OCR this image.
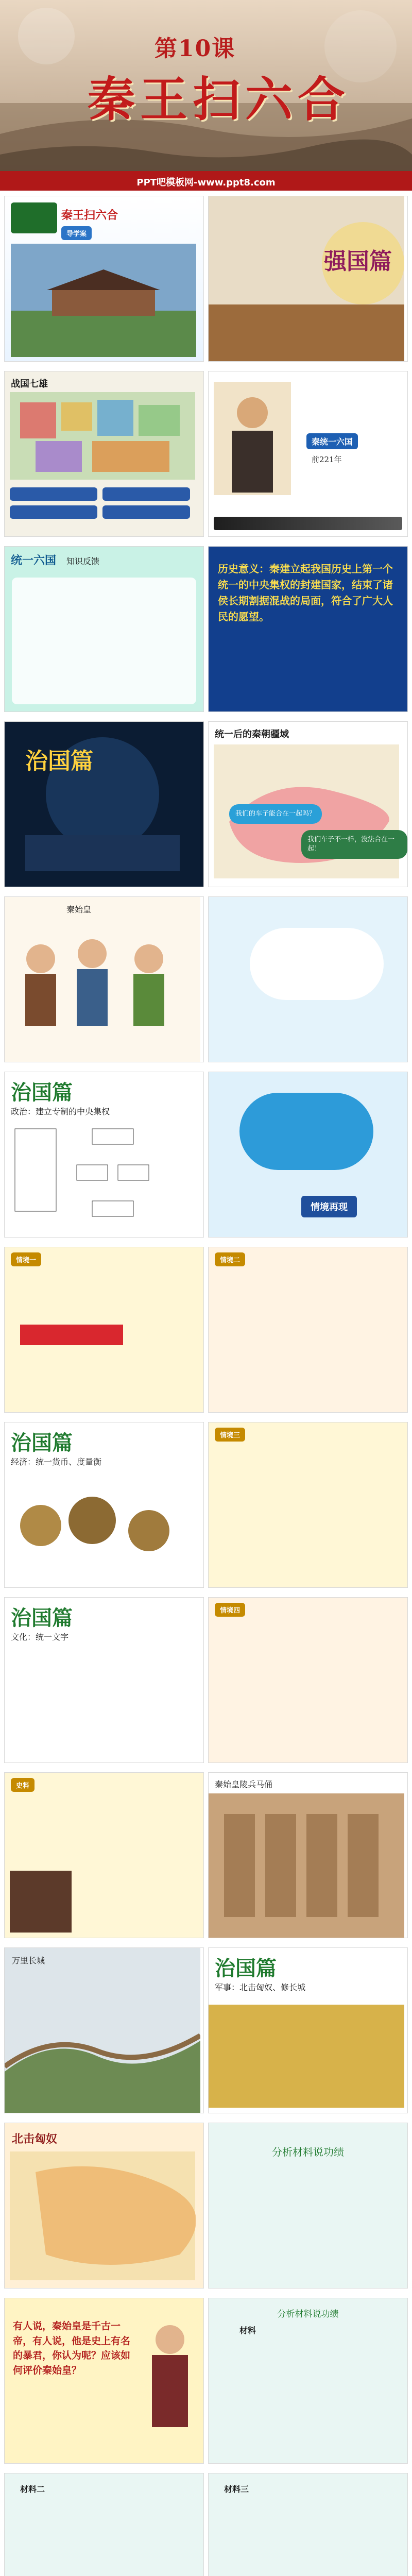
第10课
秦王扫六合
PPT吧模板网-www.ppt8.com
秦王扫六合
导学案
强国篇
战国七雄
秦统一六国
前221年
统一六国 知识反馈
历史意义：秦建立起我国历史上第一个统一的中央集权的封建国家，结束了诸侯长期割据混战的局面，符合了广大人民的愿望。
治国篇
统一后的秦朝疆域
我们的车子能合在一起吗？
我们车子不一样，没法合在一起！
秦始皇
治国篇
政治：建立专制的中央集权
情境再现
情境一	情境二
治国篇
经济：统一货币、度量衡
情境三
治国篇
文化：统一文字
情境四
史料	秦始皇陵兵马俑
万里长城	治国篇
军事：北击匈奴、修长城
北击匈奴
分析材料说功绩
有人说，秦始皇是千古一帝，有人说，他是史上有名的暴君，你认为呢？应该如何评价秦始皇？
分析材料说功绩
材料
材料二	材料三
